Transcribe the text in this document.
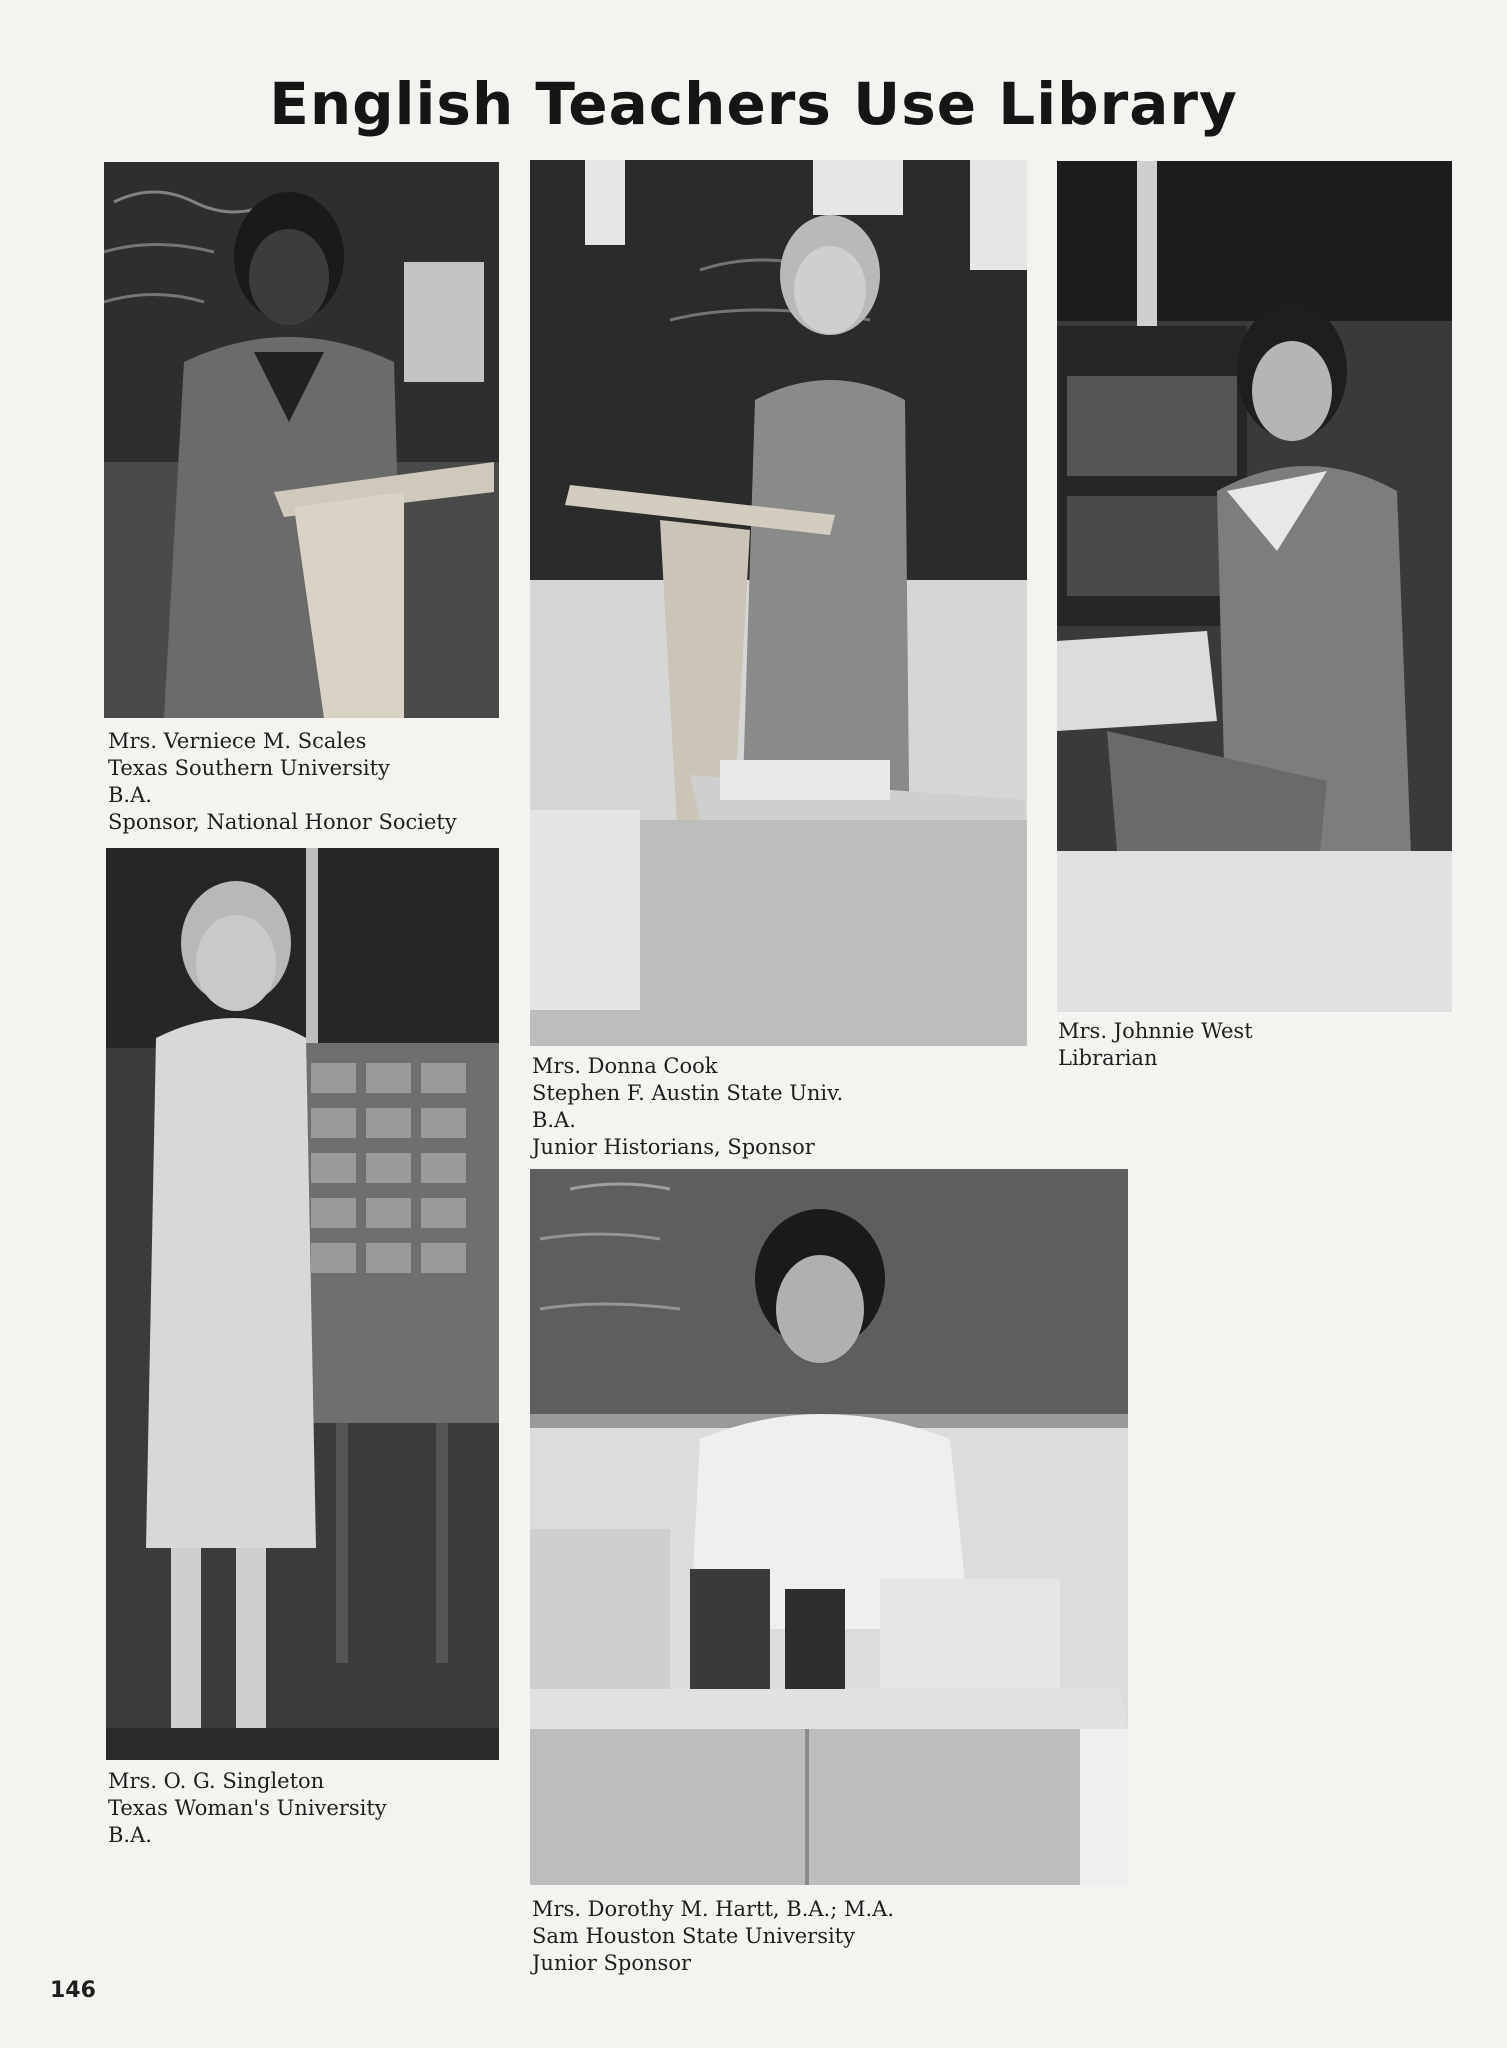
English Teachers Use Library
Mrs. Verniece M. Scales
Texas Southern University
B.A.
Sponsor, National Honor Society
Mrs. Donna Cook
Stephen F. Austin State Univ.
B.A.
Junior Historians, Sponsor
Mrs. Johnnie West
Librarian
Mrs. O. G. Singleton
Texas Woman's University
B.A.
Mrs. Dorothy M. Hartt, B.A.; M.A.
Sam Houston State University
Junior Sponsor
146
